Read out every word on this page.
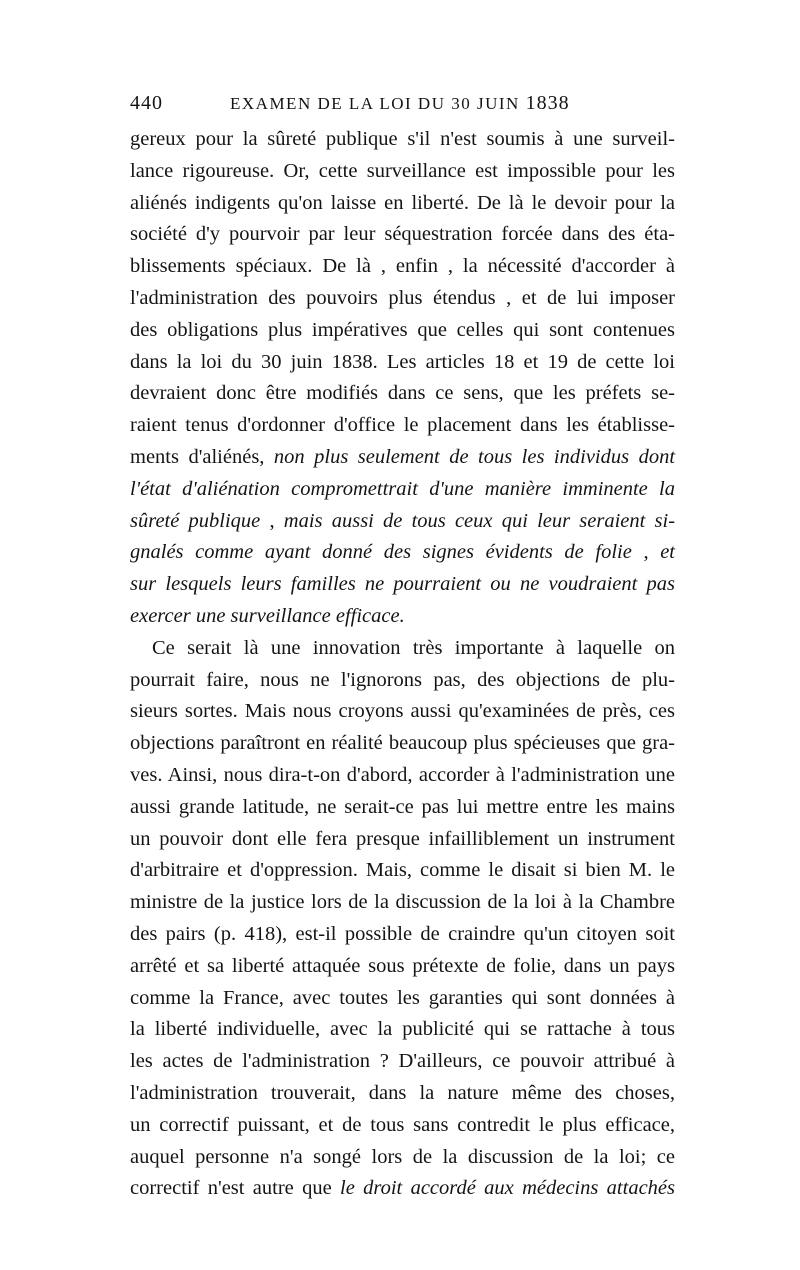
440	EXAMEN DE LA LOI DU 30 JUIN 1838
gereux pour la sûreté publique s'il n'est soumis à une surveil-
lance rigoureuse. Or, cette surveillance est impossible pour les
aliénés indigents qu'on laisse en liberté. De là le devoir pour la
société d'y pourvoir par leur séquestration forcée dans des éta-
blissements spéciaux. De là , enfin , la nécessité d'accorder à
l'administration des pouvoirs plus étendus , et de lui imposer
des obligations plus impératives que celles qui sont contenues
dans la loi du 30 juin 1838. Les articles 18 et 19 de cette loi
devraient donc être modifiés dans ce sens, que les préfets se-
raient tenus d'ordonner d'office le placement dans les établisse-
ments d'aliénés, non plus seulement de tous les individus dont
l'état d'aliénation compromettrait d'une manière imminente la
sûreté publique , mais aussi de tous ceux qui leur seraient si-
gnalés comme ayant donné des signes évidents de folie , et
sur lesquels leurs familles ne pourraient ou ne voudraient pas
exercer une surveillance efficace.
Ce serait là une innovation très importante à laquelle on
pourrait faire, nous ne l'ignorons pas, des objections de plu-
sieurs sortes. Mais nous croyons aussi qu'examinées de près, ces
objections paraîtront en réalité beaucoup plus spécieuses que gra-
ves. Ainsi, nous dira-t-on d'abord, accorder à l'administration une
aussi grande latitude, ne serait-ce pas lui mettre entre les mains
un pouvoir dont elle fera presque infailliblement un instrument
d'arbitraire et d'oppression. Mais, comme le disait si bien M. le
ministre de la justice lors de la discussion de la loi à la Chambre
des pairs (p. 418), est-il possible de craindre qu'un citoyen soit
arrêté et sa liberté attaquée sous prétexte de folie, dans un pays
comme la France, avec toutes les garanties qui sont données à
la liberté individuelle, avec la publicité qui se rattache à tous
les actes de l'administration ? D'ailleurs, ce pouvoir attribué à
l'administration trouverait, dans la nature même des choses,
un correctif puissant, et de tous sans contredit le plus efficace,
auquel personne n'a songé lors de la discussion de la loi; ce
correctif n'est autre que le droit accordé aux médecins attachés
